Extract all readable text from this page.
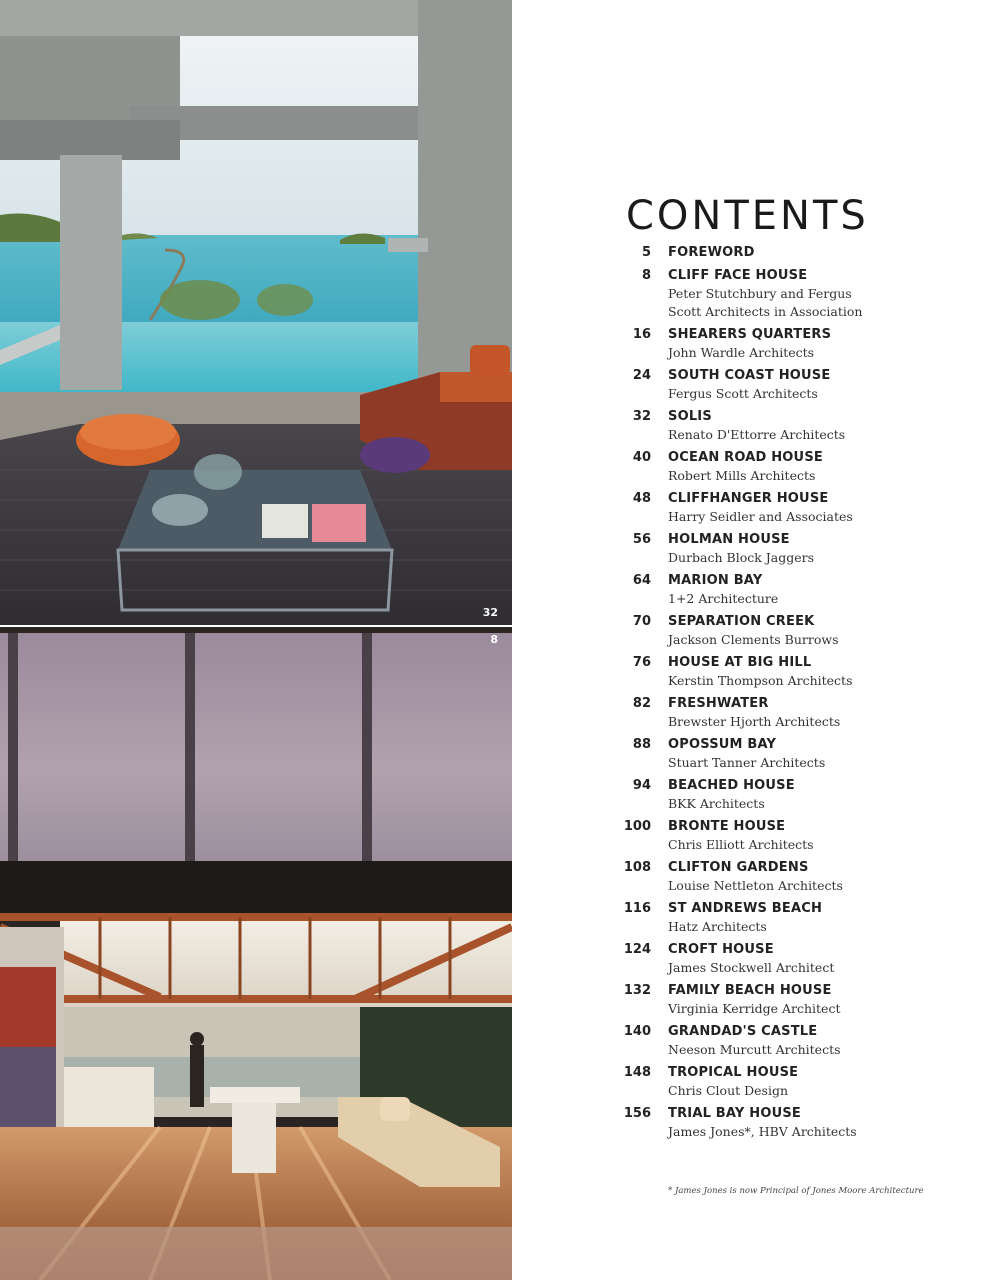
32
8
CONTENTS
5 FOREWORD
8 CLIFF FACE HOUSE
Peter Stutchbury and Fergus Scott Architects in Association
16 SHEARERS QUARTERS
John Wardle Architects
24 SOUTH COAST HOUSE
Fergus Scott Architects
32 SOLIS
Renato D'Ettorre Architects
40 OCEAN ROAD HOUSE
Robert Mills Architects
48 CLIFFHANGER HOUSE
Harry Seidler and Associates
56 HOLMAN HOUSE
Durbach Block Jaggers
64 MARION BAY
1+2 Architecture
70 SEPARATION CREEK
Jackson Clements Burrows
76 HOUSE AT BIG HILL
Kerstin Thompson Architects
82 FRESHWATER
Brewster Hjorth Architects
88 OPOSSUM BAY
Stuart Tanner Architects
94 BEACHED HOUSE
BKK Architects
100 BRONTE HOUSE
Chris Elliott Architects
108 CLIFTON GARDENS
Louise Nettleton Architects
116 ST ANDREWS BEACH
Hatz Architects
124 CROFT HOUSE
James Stockwell Architect
132 FAMILY BEACH HOUSE
Virginia Kerridge Architect
140 GRANDAD'S CASTLE
Neeson Murcutt Architects
148 TROPICAL HOUSE
Chris Clout Design
156 TRIAL BAY HOUSE
James Jones*, HBV Architects

* James Jones is now Principal of Jones Moore Architecture
